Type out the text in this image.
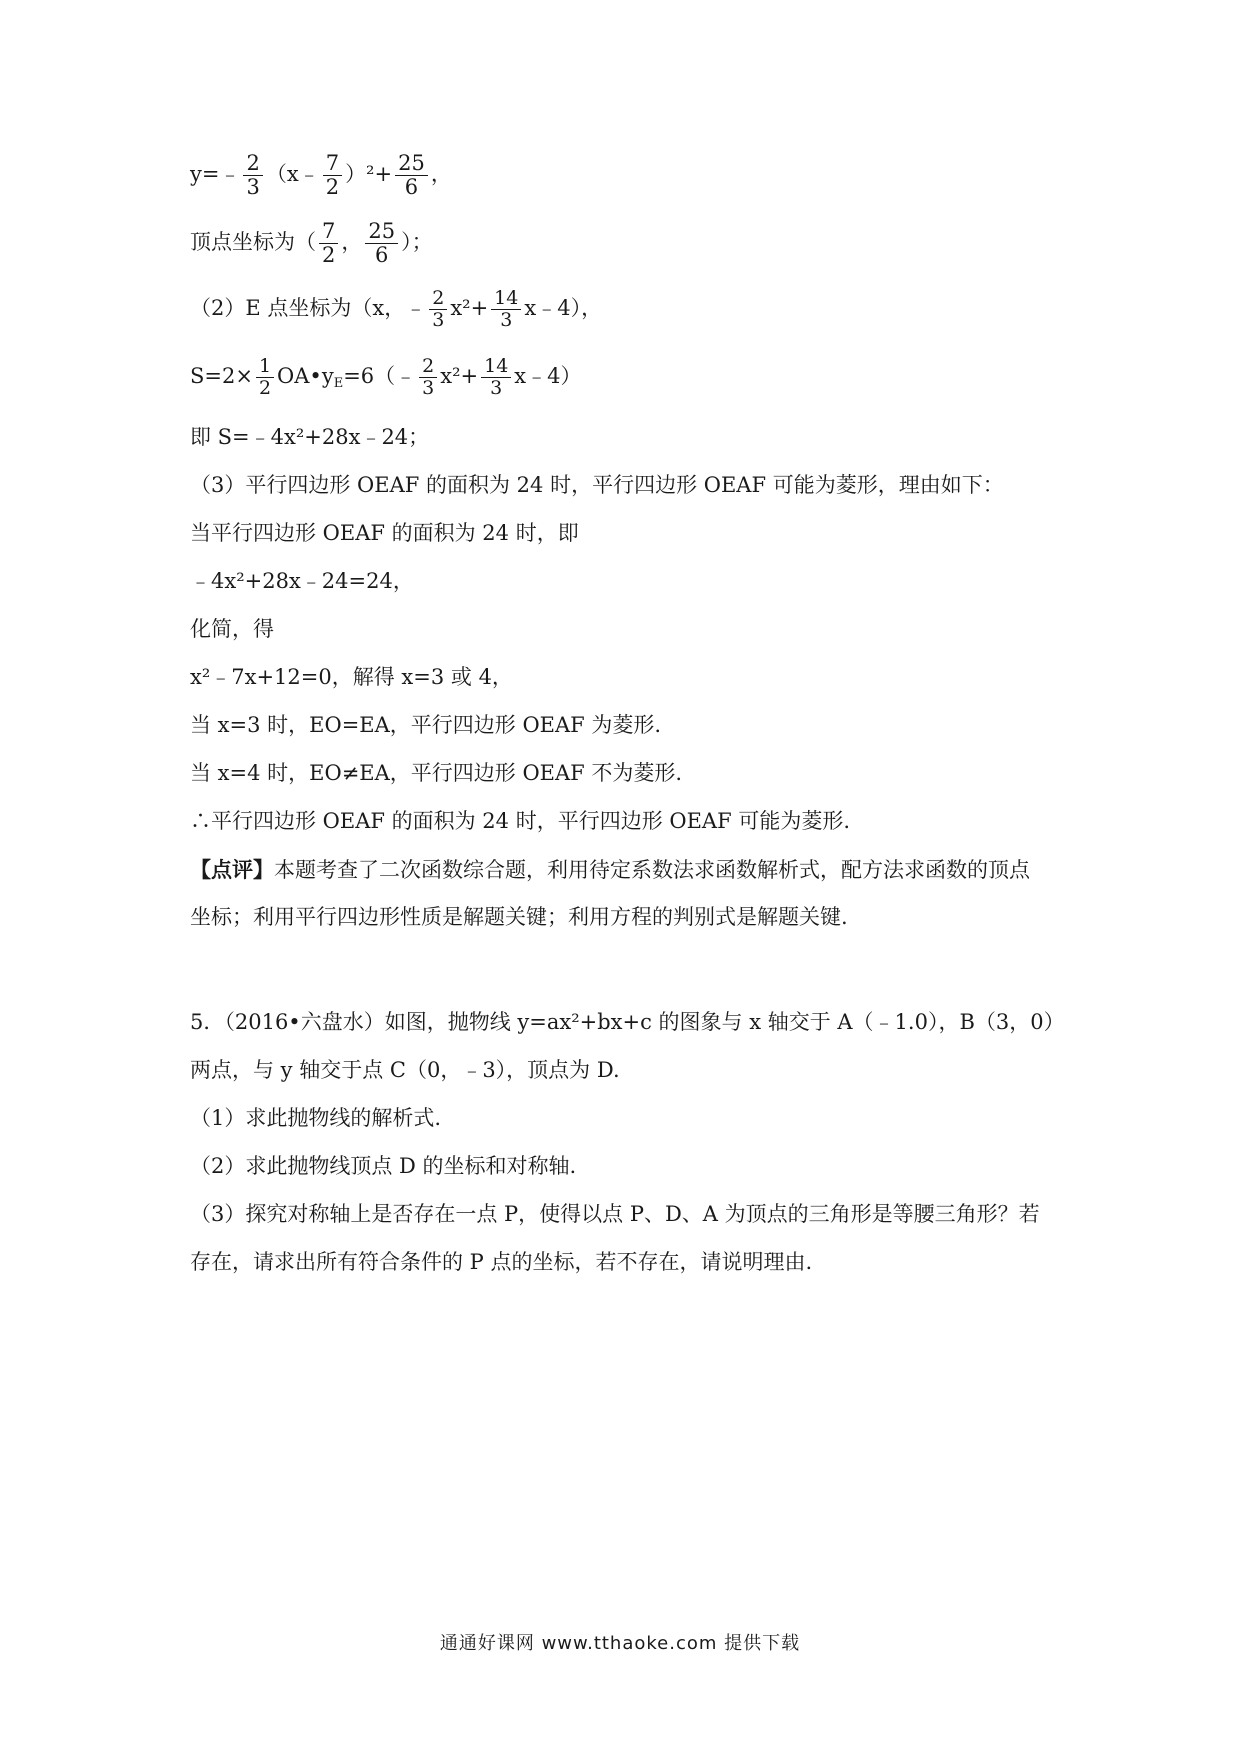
y=﹣ $\frac{2}{3}$ （x﹣ $\frac{7}{2} )^2+ \frac{25}{6}$ ，
顶点坐标为（ $\frac{7}{2}$ ， $\frac{25}{6}$ ）；
（2）E 点坐标为（x，﹣ $\frac{2}{3} x^2+ \frac{14}{3}$ x﹣4），
$S=2\times \frac{1}{2}$ $OA•y_E=6(﹣ \frac{2}{3} x^2+ \frac{14}{3}$ x﹣4）
即 S=﹣4x²+28x﹣24；
（3）平行四边形 OEAF 的面积为 24 时，平行四边形 OEAF 可能为菱形，理由如下：
当平行四边形 OEAF 的面积为 24 时，即
﹣4x²+28x﹣24=24，
化简，得
x²﹣7x+12=0，解得 x=3 或 4，
当 x=3 时，EO=EA，平行四边形 OEAF 为菱形.
当 x=4 时，EO≠EA，平行四边形 OEAF 不为菱形.
∴平行四边形 OEAF 的面积为 24 时，平行四边形 OEAF 可能为菱形.
【点评】本题考查了二次函数综合题，利用待定系数法求函数解析式，配方法求函数的顶点
坐标；利用平行四边形性质是解题关键；利用方程的判别式是解题关键.
5．（2016•六盘水）如图，抛物线 y=ax²+bx+c 的图象与 x 轴交于 A（﹣1.0），B（3，0）
两点，与 y 轴交于点 C（0，﹣3），顶点为 D.
（1）求此抛物线的解析式.
（2）求此抛物线顶点 D 的坐标和对称轴.
（3）探究对称轴上是否存在一点 P，使得以点 P、D、A 为顶点的三角形是等腰三角形？若
存在，请求出所有符合条件的 P 点的坐标，若不存在，请说明理由.
通通好课网 www.tthaoke.com 提供下载
